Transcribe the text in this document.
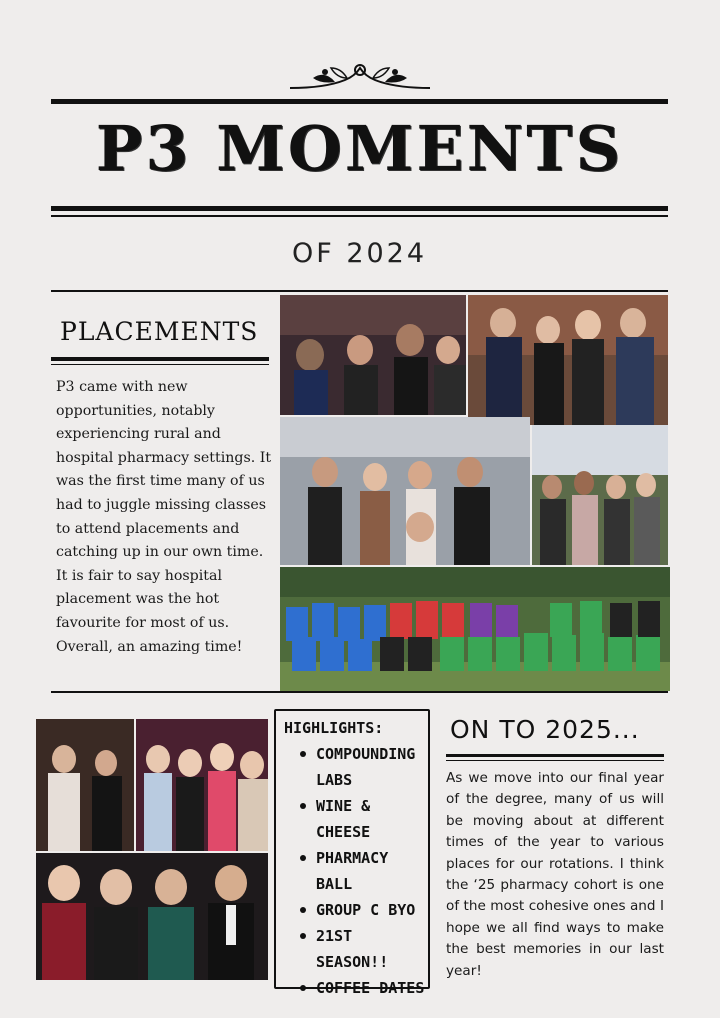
P3 MOMENTS
OF 2024
PLACEMENTS
P3 came with new opportunities, notably experiencing rural and hospital pharmacy settings. It was the first time many of us had to juggle missing classes to attend placements and catching up in our own time. It is fair to say hospital placement was the hot favourite for most of us. Overall, an amazing time!
HIGHLIGHTS:
COMPOUNDING LABS
WINE & CHEESE
PHARMACY BALL
GROUP C BYO
21ST SEASON!!
COFFEE DATES
ON TO 2025...
As we move into our final year of the degree, many of us will be moving about at different times of the year to various places for our rotations. I think the ‘25 pharmacy cohort is one of the most cohesive ones and I hope we all find ways to make the best memories in our last year!
